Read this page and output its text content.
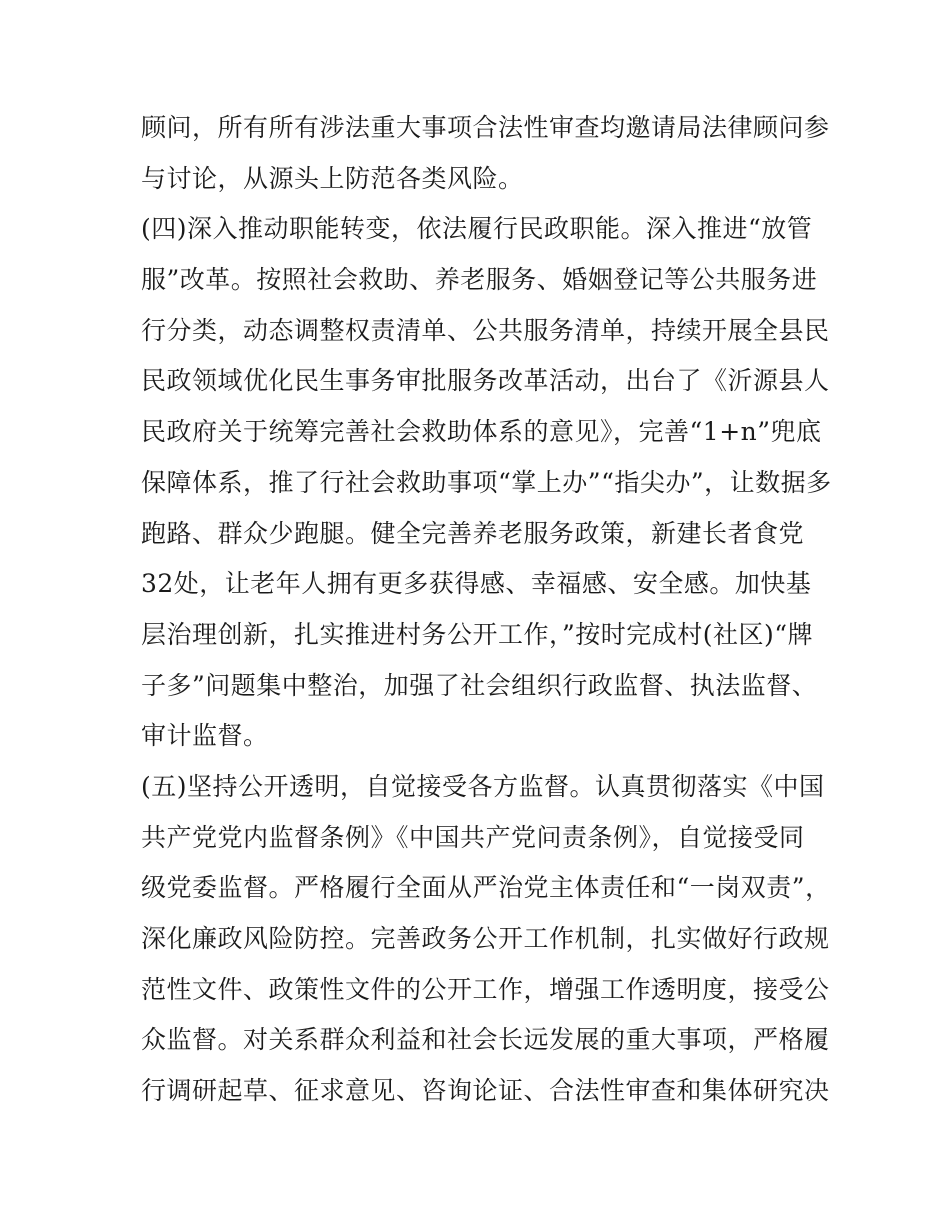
顾问，所有所有涉法重大事项合法性审查均邀请局法律顾问参
与讨论，从源头上防范各类风险。
(四)深入推动职能转变，依法履行民政职能。深入推进“放管
服”改革。按照社会救助、养老服务、婚姻登记等公共服务进
行分类，动态调整权责清单、公共服务清单，持续开展全县民
民政领域优化民生事务审批服务改革活动，出台了《沂源县人
民政府关于统筹完善社会救助体系的意见》，完善“1+n”兜底
保障体系，推了行社会救助事项“掌上办”“指尖办”，让数据多
跑路、群众少跑腿。健全完善养老服务政策，新建长者食党
32处，让老年人拥有更多获得感、幸福感、安全感。加快基
层治理创新，扎实推进村务公开工作，”按时完成村(社区)“牌
子多”问题集中整治，加强了社会组织行政监督、执法监督、
审计监督。
(五)坚持公开透明，自觉接受各方监督。认真贯彻落实《中国
共产党党内监督条例》《中国共产党问责条例》，自觉接受同
级党委监督。严格履行全面从严治党主体责任和“一岗双责”，
深化廉政风险防控。完善政务公开工作机制，扎实做好行政规
范性文件、政策性文件的公开工作，增强工作透明度，接受公
众监督。对关系群众利益和社会长远发展的重大事项，严格履
行调研起草、征求意见、咨询论证、合法性审查和集体研究决
